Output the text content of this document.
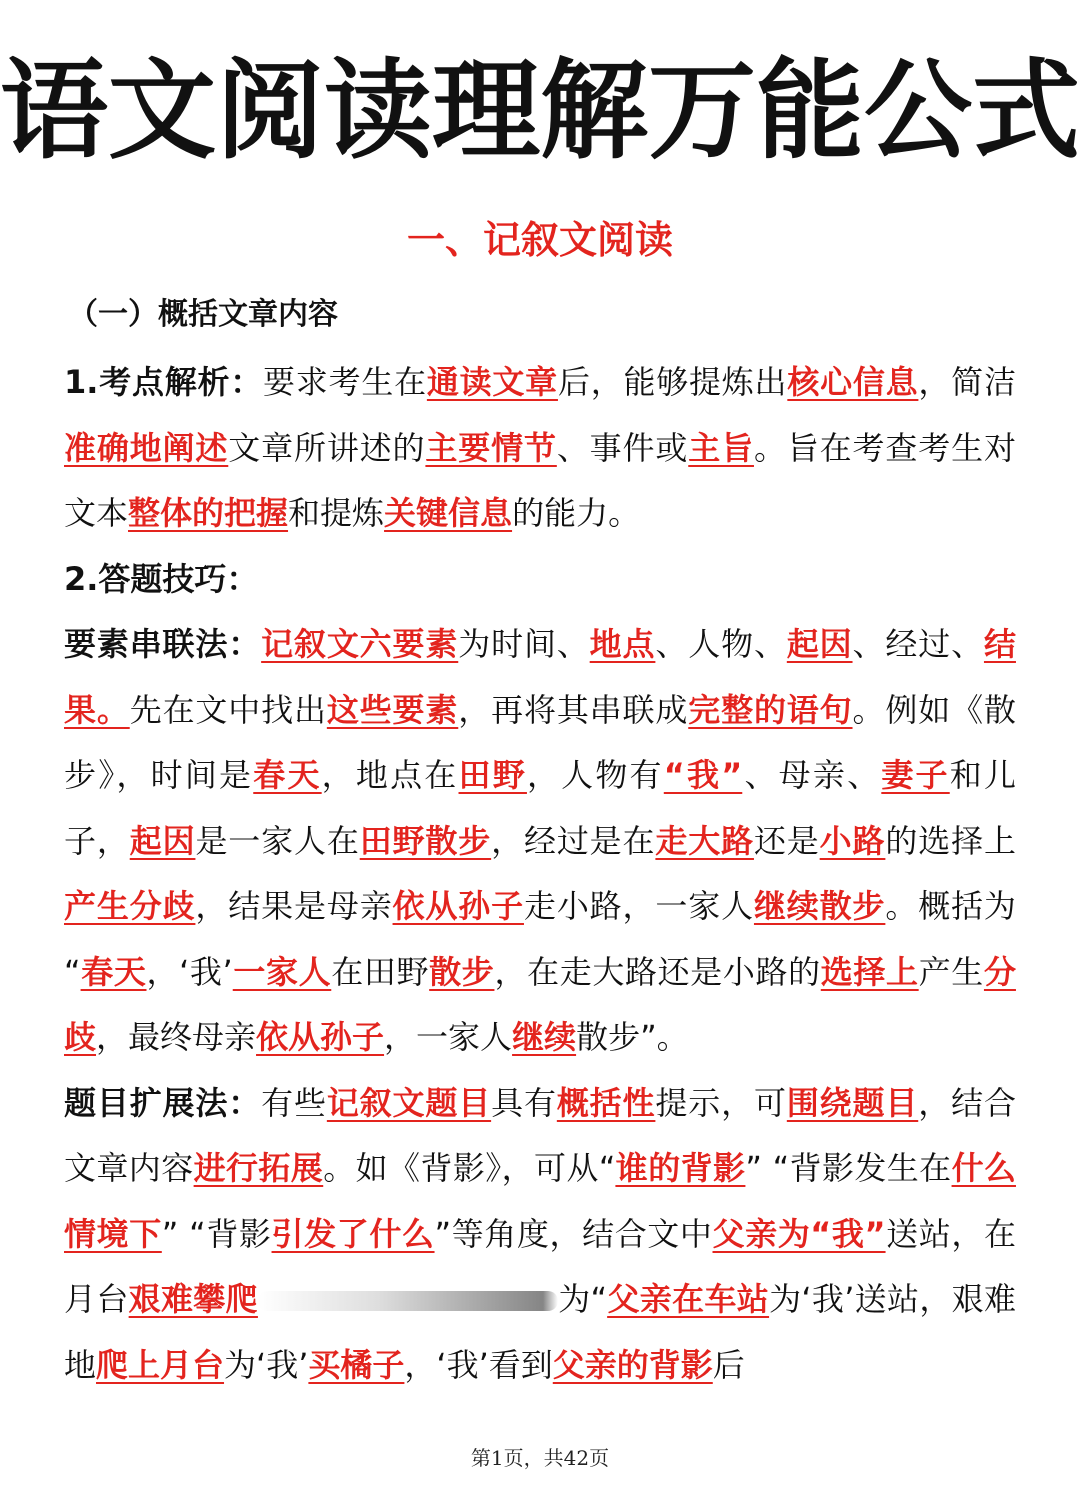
语文阅读理解万能公式
一、记叙文阅读
（一）概括文章内容

1.考点解析：要求考生在通读文章后，能够提炼出核心信息，简洁准确地阐述文章所讲述的主要情节、事件或主旨。旨在考查考生对文本整体的把握和提炼关键信息的能力。

2.答题技巧：

要素串联法：记叙文六要素为时间、地点、人物、起因、经过、结果。先在文中找出这些要素，再将其串联成完整的语句。例如《散步》，时间是春天，地点在田野，人物有“我”、母亲、妻子和儿子，起因是一家人在田野散步，经过是在走大路还是小路的选择上产生分歧，结果是母亲依从孙子走小路，一家人继续散步。概括为 “春天，‘我’一家人在田野散步，在走大路还是小路的选择上产生分歧，最终母亲依从孙子，一家人继续散步”。

题目扩展法：有些记叙文题目具有概括性提示，可围绕题目，结合文章内容进行拓展。如《背影》，可从“谁的背影” “背影发生在什么情境下” “背影引发了什么”等角度，结合文中父亲为“我”送站，在月台艰难攀爬	为“父亲在车站为‘我’送站，艰难地爬上月台为‘我’买橘子，‘我’看到父亲的背影后

第1页，共42页
